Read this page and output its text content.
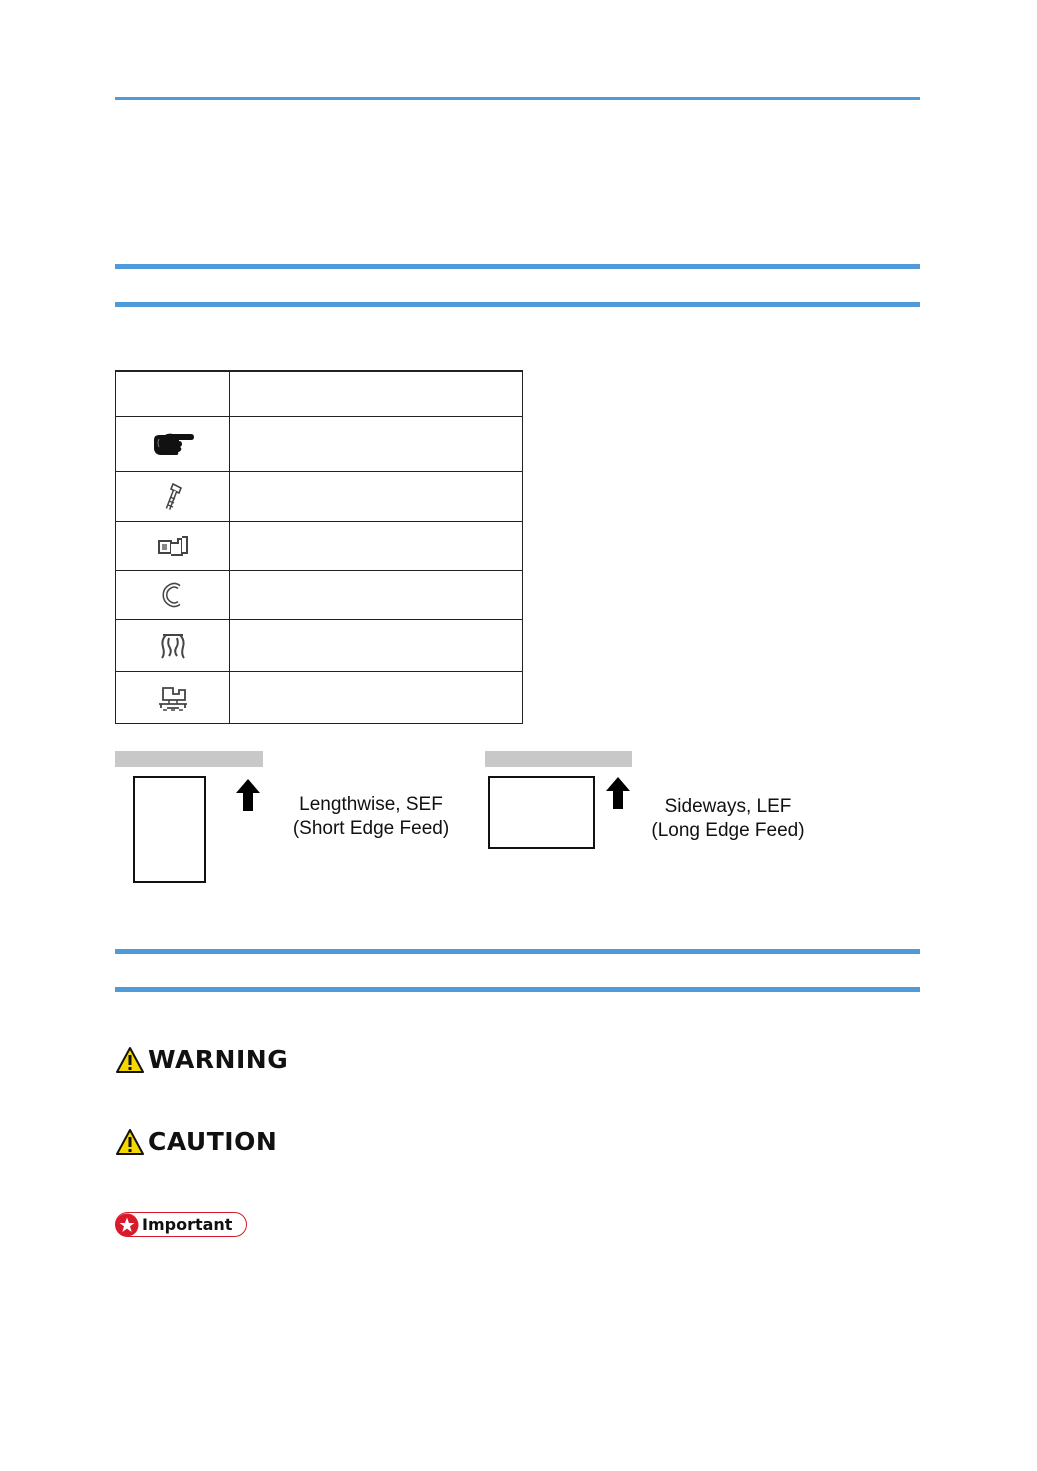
Lengthwise, SEF
(Short Edge Feed)
Sideways, LEF
(Long Edge Feed)
WARNING
CAUTION
Important
